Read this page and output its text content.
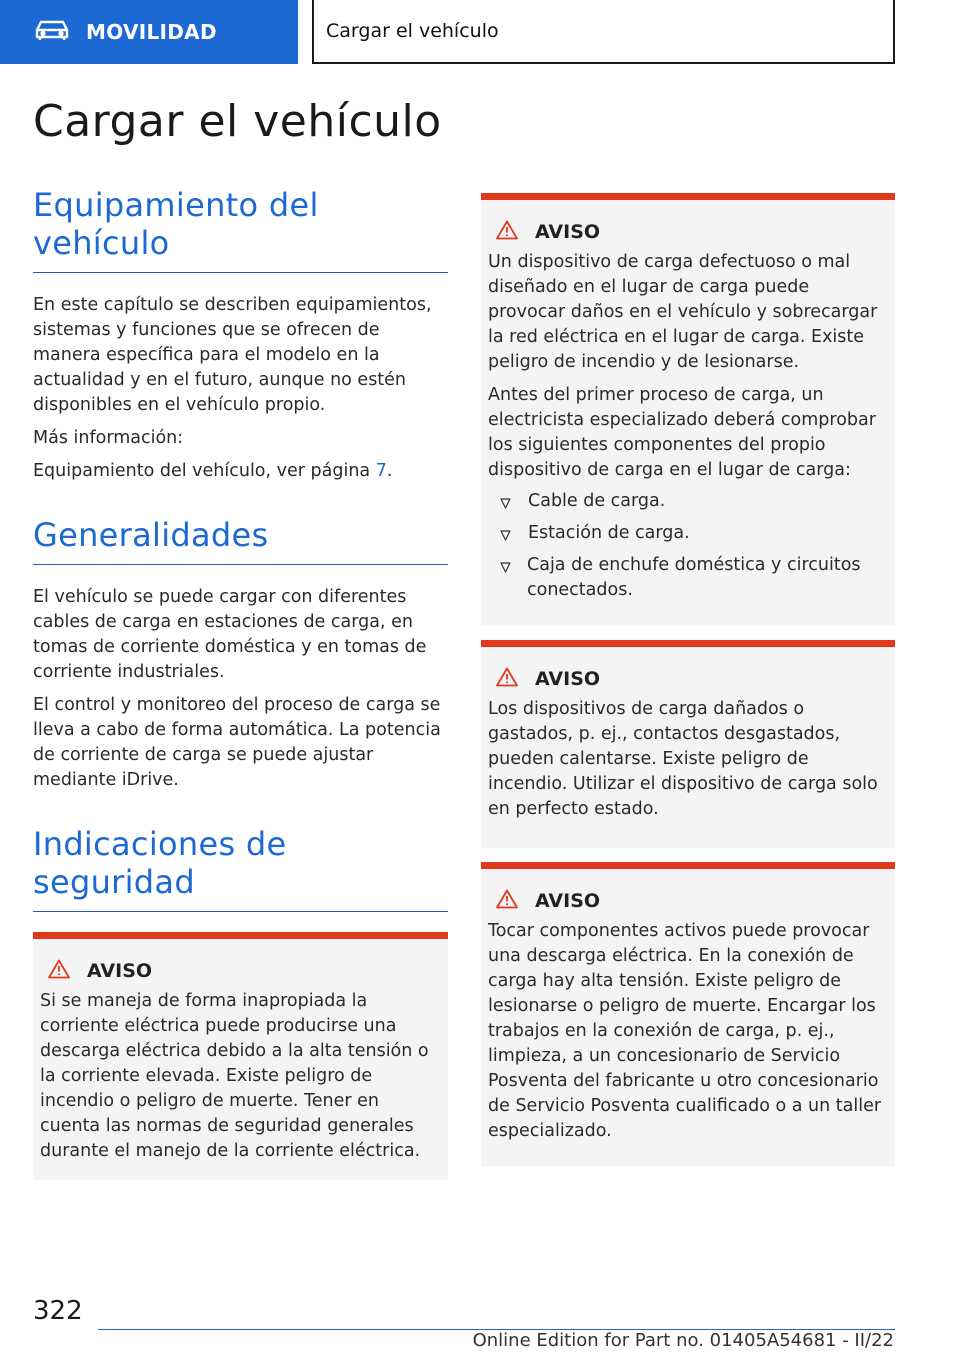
MOVILIDAD	Cargar el vehículo
Cargar el vehículo
Equipamiento del vehículo

En este capítulo se describen equipamientos, sistemas y funciones que se ofrecen de manera específica para el modelo en la actualidad y en el futuro, aunque no estén disponibles en el vehículo propio.

Más información:

Equipamiento del vehículo, ver página 7.

Generalidades

El vehículo se puede cargar con diferentes cables de carga en estaciones de carga, en tomas de corriente doméstica y en tomas de corriente industriales.

El control y monitoreo del proceso de carga se lleva a cabo de forma automática. La potencia de corriente de carga se puede ajustar mediante iDrive.

Indicaciones de seguridad
AVISO

Si se maneja de forma inapropiada la corriente eléctrica puede producirse una descarga eléctrica debido a la alta tensión o la corriente elevada. Existe peligro de incendio o peligro de muerte. Tener en cuenta las normas de seguridad generales durante el manejo de la corriente eléctrica.

AVISO

Un dispositivo de carga defectuoso o mal diseñado en el lugar de carga puede provocar daños en el vehículo y sobrecargar la red eléctrica en el lugar de carga. Existe peligro de incendio y de lesionarse.

Antes del primer proceso de carga, un electricista especializado deberá comprobar los siguientes componentes del propio dispositivo de carga en el lugar de carga:

Cable de carga.
Estación de carga.
Caja de enchufe doméstica y circuitos conectados.
AVISO

Los dispositivos de carga dañados o gastados, p. ej., contactos desgastados, pueden calentarse. Existe peligro de incendio. Utilizar el dispositivo de carga solo en perfecto estado.

AVISO

Tocar componentes activos puede provocar una descarga eléctrica. En la conexión de carga hay alta tensión. Existe peligro de lesionarse o peligro de muerte. Encargar los trabajos en la conexión de carga, p. ej., limpieza, a un concesionario de Servicio Posventa del fabricante u otro concesionario de Servicio Posventa cualificado o a un taller especializado.

322
Online Edition for Part no. 01405A54681 - II/22
